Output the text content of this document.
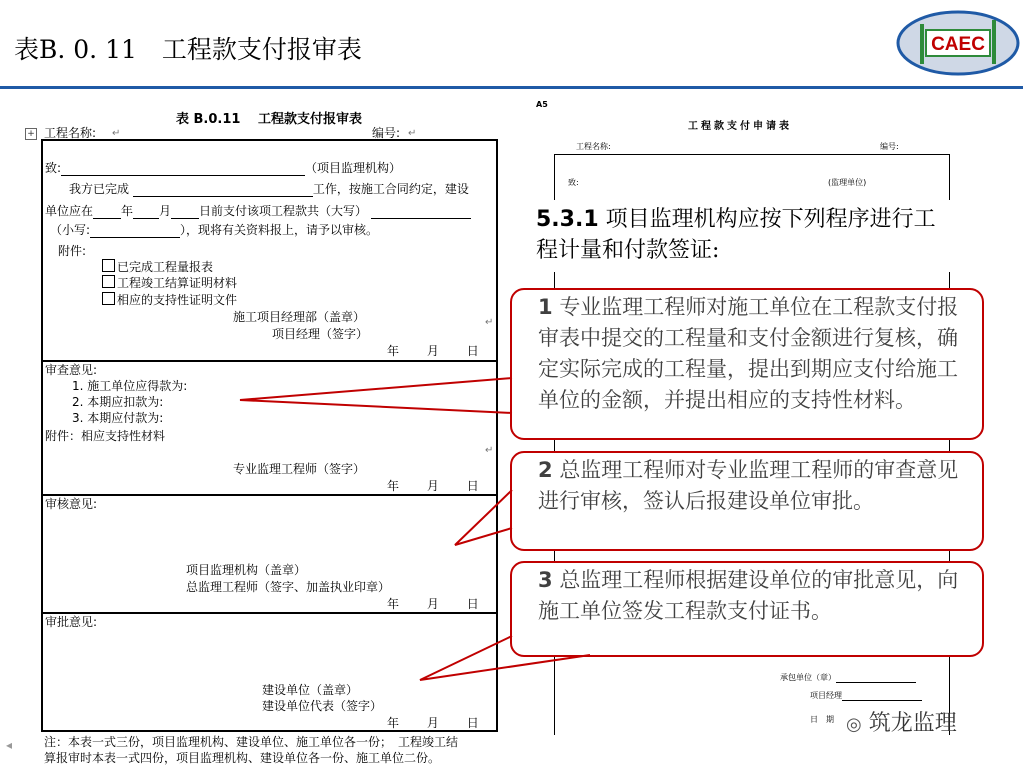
表B. 0. 11　工程款支付报审表	CAEC
+
表 B.0.11　 工程款支付报审表
工程名称:	编号:
致:	（项目监理机构）
我方已完成	工作，按施工合同约定，建设
单位应在 年 月 日前支付该项工程款共（大写）
（小写:	），现将有关资料报上，请予以审核。
附件:
已完成工程量报表
工程竣工结算证明材料
相应的支持性证明文件
施工项目经理部（盖章）
项目经理（签字）
年 月 日
审查意见:
1. 施工单位应得款为:
2. 本期应扣款为:
3. 本期应付款为:
附件：相应支持性材料
专业监理工程师（签字）
年 月 日
审核意见:
项目监理机构（盖章）
总监理工程师（签字、加盖执业印章）
年 月 日
审批意见:
建设单位（盖章）
建设单位代表（签字）
年 月 日
↵	↵
↵
↵
注：本表一式三份，项目监理机构、建设单位、施工单位各一份；　工程竣工结
算报审时本表一式四份，项目监理机构、建设单位各一份、施工单位二份。
A5
工程款支付申请表
工程名称:	编号:
致:	(监理单位)
承包单位（章）
项目经理
日　期
5.3.1 项目监理机构应按下列程序进行工程计量和付款签证:
1 专业监理工程师对施工单位在工程款支付报审表中提交的工程量和支付金额进行复核，确定实际完成的工程量，提出到期应支付给施工单位的金额，并提出相应的支持性材料。
2 总监理工程师对专业监理工程师的审查意见进行审核，签认后报建设单位审批。
3 总监理工程师根据建设单位的审批意见，向施工单位签发工程款支付证书。
◎ 筑龙监理
◂
